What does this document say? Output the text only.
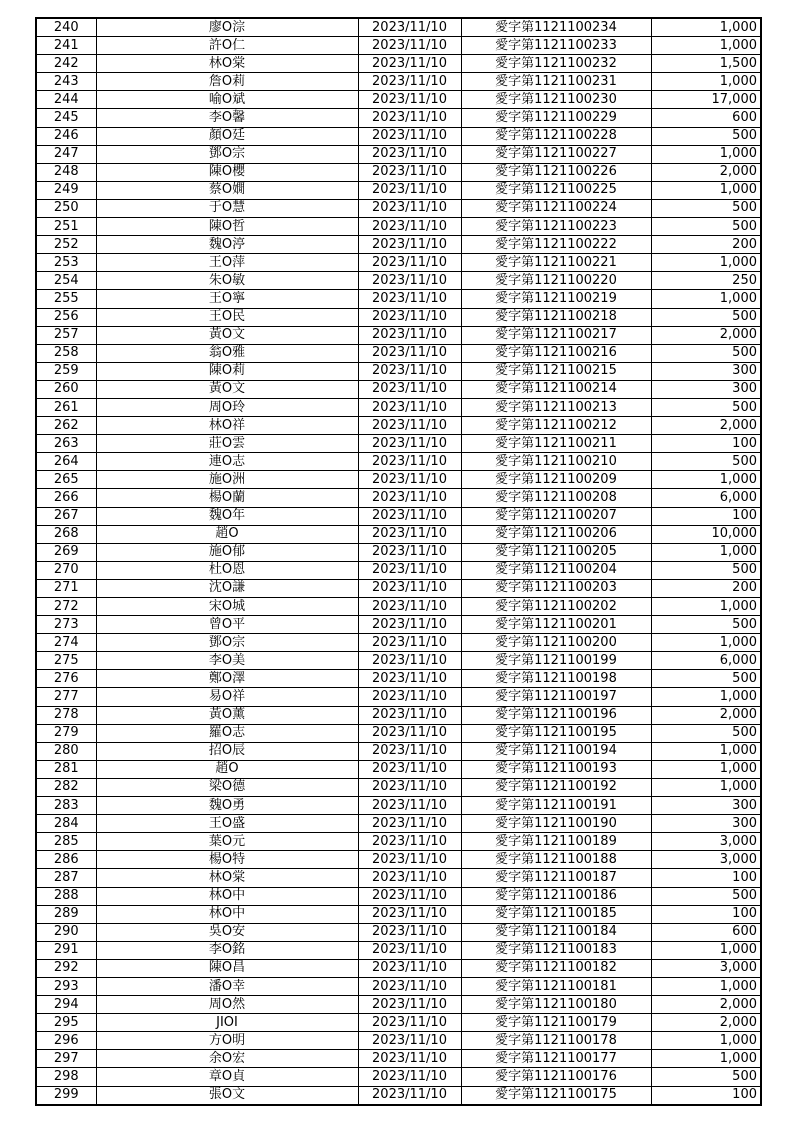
240	廖O淙	2023/11/10	愛字第1121100234	1,000
241	許O仁	2023/11/10	愛字第1121100233	1,000
242	林O棠	2023/11/10	愛字第1121100232	1,500
243	詹O莉	2023/11/10	愛字第1121100231	1,000
244	喻O斌	2023/11/10	愛字第1121100230	17,000
245	李O馨	2023/11/10	愛字第1121100229	600
246	顏O廷	2023/11/10	愛字第1121100228	500
247	鄧O宗	2023/11/10	愛字第1121100227	1,000
248	陳O櫻	2023/11/10	愛字第1121100226	2,000
249	蔡O嫺	2023/11/10	愛字第1121100225	1,000
250	于O慧	2023/11/10	愛字第1121100224	500
251	陳O哲	2023/11/10	愛字第1121100223	500
252	魏O渟	2023/11/10	愛字第1121100222	200
253	王O萍	2023/11/10	愛字第1121100221	1,000
254	朱O敏	2023/11/10	愛字第1121100220	250
255	王O寧	2023/11/10	愛字第1121100219	1,000
256	王O民	2023/11/10	愛字第1121100218	500
257	黃O文	2023/11/10	愛字第1121100217	2,000
258	翁O雅	2023/11/10	愛字第1121100216	500
259	陳O莉	2023/11/10	愛字第1121100215	300
260	黃O文	2023/11/10	愛字第1121100214	300
261	周O玲	2023/11/10	愛字第1121100213	500
262	林O祥	2023/11/10	愛字第1121100212	2,000
263	莊O雲	2023/11/10	愛字第1121100211	100
264	連O志	2023/11/10	愛字第1121100210	500
265	施O洲	2023/11/10	愛字第1121100209	1,000
266	楊O蘭	2023/11/10	愛字第1121100208	6,000
267	魏O年	2023/11/10	愛字第1121100207	100
268	趙O	2023/11/10	愛字第1121100206	10,000
269	施O郁	2023/11/10	愛字第1121100205	1,000
270	杜O恩	2023/11/10	愛字第1121100204	500
271	沈O謙	2023/11/10	愛字第1121100203	200
272	宋O城	2023/11/10	愛字第1121100202	1,000
273	曾O平	2023/11/10	愛字第1121100201	500
274	鄧O宗	2023/11/10	愛字第1121100200	1,000
275	李O美	2023/11/10	愛字第1121100199	6,000
276	鄭O澤	2023/11/10	愛字第1121100198	500
277	易O祥	2023/11/10	愛字第1121100197	1,000
278	黃O薰	2023/11/10	愛字第1121100196	2,000
279	羅O志	2023/11/10	愛字第1121100195	500
280	招O辰	2023/11/10	愛字第1121100194	1,000
281	趙O	2023/11/10	愛字第1121100193	1,000
282	梁O德	2023/11/10	愛字第1121100192	1,000
283	魏O勇	2023/11/10	愛字第1121100191	300
284	王O盛	2023/11/10	愛字第1121100190	300
285	葉O元	2023/11/10	愛字第1121100189	3,000
286	楊O特	2023/11/10	愛字第1121100188	3,000
287	林O棠	2023/11/10	愛字第1121100187	100
288	林O中	2023/11/10	愛字第1121100186	500
289	林O中	2023/11/10	愛字第1121100185	100
290	吳O安	2023/11/10	愛字第1121100184	600
291	李O銘	2023/11/10	愛字第1121100183	1,000
292	陳O昌	2023/11/10	愛字第1121100182	3,000
293	潘O幸	2023/11/10	愛字第1121100181	1,000
294	周O然	2023/11/10	愛字第1121100180	2,000
295	JIOI	2023/11/10	愛字第1121100179	2,000
296	方O明	2023/11/10	愛字第1121100178	1,000
297	余O宏	2023/11/10	愛字第1121100177	1,000
298	章O貞	2023/11/10	愛字第1121100176	500
299	張O文	2023/11/10	愛字第1121100175	100
